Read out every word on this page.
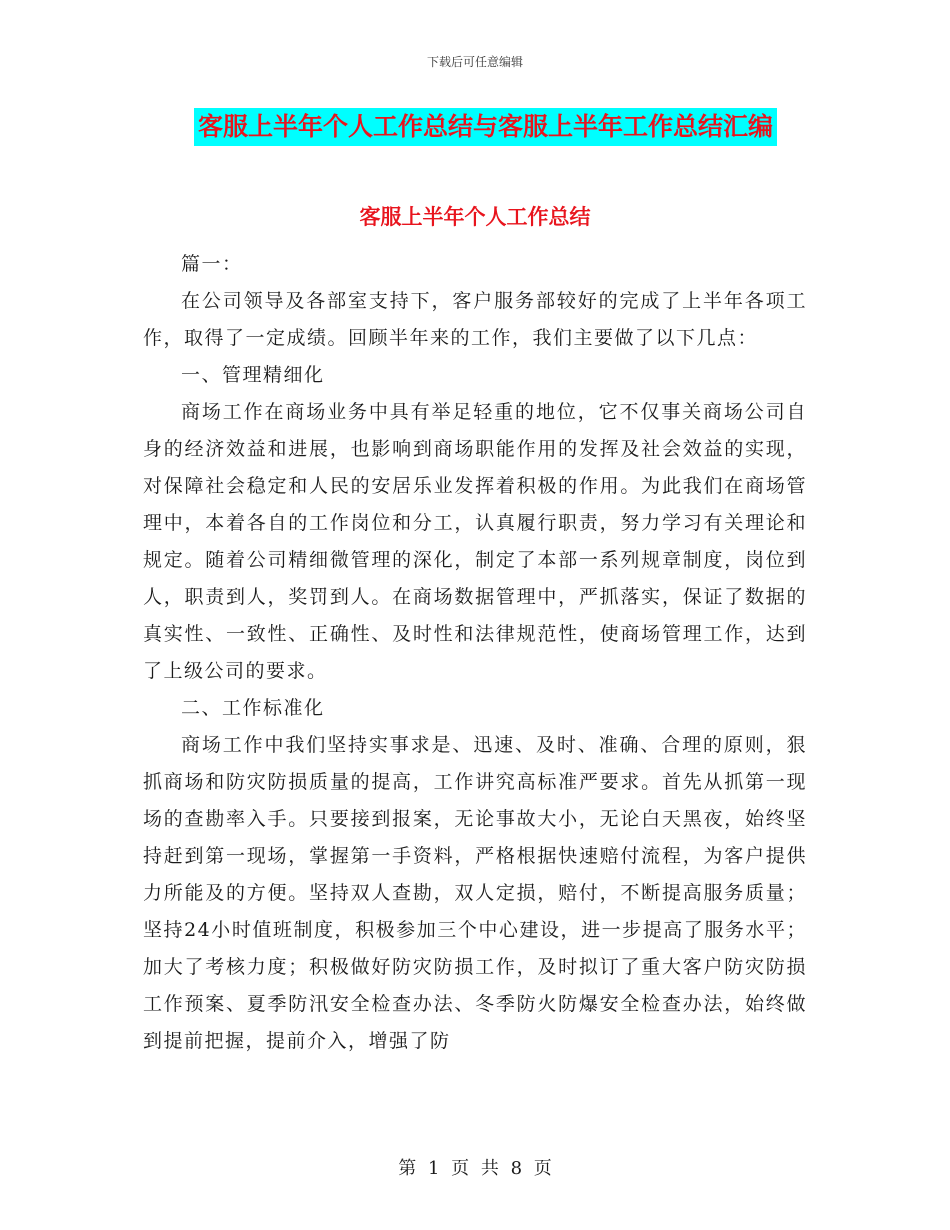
下载后可任意编辑
客服上半年个人工作总结与客服上半年工作总结汇编
客服上半年个人工作总结

篇一：

在公司领导及各部室支持下，客户服务部较好的完成了上半年各项工作，取得了一定成绩。回顾半年来的工作，我们主要做了以下几点：

一、管理精细化

商场工作在商场业务中具有举足轻重的地位，它不仅事关商场公司自身的经济效益和进展，也影响到商场职能作用的发挥及社会效益的实现，对保障社会稳定和人民的安居乐业发挥着积极的作用。为此我们在商场管理中，本着各自的工作岗位和分工，认真履行职责，努力学习有关理论和规定。随着公司精细微管理的深化，制定了本部一系列规章制度，岗位到人，职责到人，奖罚到人。在商场数据管理中，严抓落实，保证了数据的真实性、一致性、正确性、及时性和法律规范性，使商场管理工作，达到了上级公司的要求。

二、工作标准化

商场工作中我们坚持实事求是、迅速、及时、准确、合理的原则，狠抓商场和防灾防损质量的提高，工作讲究高标准严要求。首先从抓第一现场的查勘率入手。只要接到报案，无论事故大小，无论白天黑夜，始终坚持赶到第一现场，掌握第一手资料，严格根据快速赔付流程，为客户提供力所能及的方便。坚持双人查勘，双人定损，赔付，不断提高服务质量；坚持24小时值班制度，积极参加三个中心建设，进一步提高了服务水平；加大了考核力度；积极做好防灾防损工作，及时拟订了重大客户防灾防损工作预案、夏季防汛安全检查办法、冬季防火防爆安全检查办法，始终做到提前把握，提前介入，增强了防

第 1 页 共 8 页
